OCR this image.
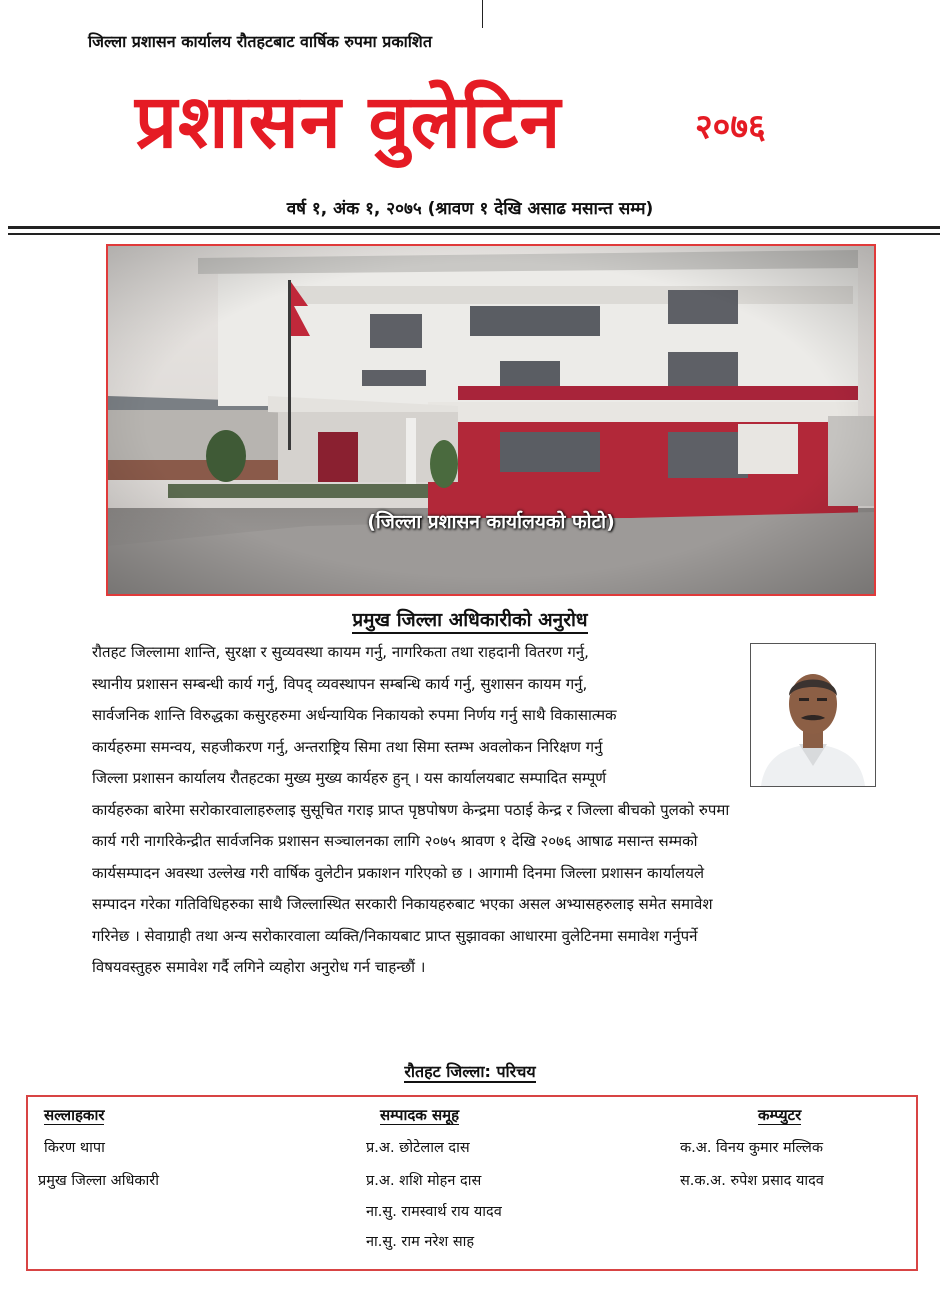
जिल्ला प्रशासन कार्यालय रौतहटबाट वार्षिक रुपमा प्रकाशित
प्रशासन वुलेटिन	२०७६
वर्ष १, अंक १, २०७५ (श्रावण १ देखि असाढ मसान्त सम्म)
(जिल्ला प्रशासन कार्यालयको फोटो)
प्रमुख जिल्ला अधिकारीको अनुरोध
रौतहट जिल्लामा शान्ति, सुरक्षा र सुव्यवस्था कायम गर्नु, नागरिकता तथा राहदानी वितरण गर्नु,
स्थानीय प्रशासन सम्बन्धी कार्य गर्नु, विपद् व्यवस्थापन सम्बन्धि कार्य गर्नु, सुशासन कायम गर्नु,
सार्वजनिक शान्ति विरुद्धका कसुरहरुमा अर्धन्यायिक निकायको रुपमा निर्णय गर्नु साथै विकासात्मक
कार्यहरुमा समन्वय, सहजीकरण गर्नु, अन्तराष्ट्रिय सिमा तथा सिमा स्तम्भ अवलोकन निरिक्षण गर्नु
जिल्ला प्रशासन कार्यालय रौतहटका मुख्य मुख्य कार्यहरु हुन् । यस कार्यालयबाट सम्पादित सम्पूर्ण
कार्यहरुका बारेमा सरोकारवालाहरुलाइ सुसूचित गराइ प्राप्त पृष्ठपोषण केन्द्रमा पठाई केन्द्र र जिल्ला बीचको पुलको रुपमा
कार्य गरी नागरिकेन्द्रीत सार्वजनिक प्रशासन सञ्चालनका लागि २०७५ श्रावण १ देखि २०७६ आषाढ मसान्त सम्मको
कार्यसम्पादन अवस्था उल्लेख गरी वार्षिक वुलेटीन प्रकाशन गरिएको छ । आगामी दिनमा जिल्ला प्रशासन कार्यालयले
सम्पादन गरेका गतिविधिहरुका साथै जिल्लास्थित सरकारी निकायहरुबाट भएका असल अभ्यासहरुलाइ समेत समावेश
गरिनेछ । सेवाग्राही तथा अन्य सरोकारवाला व्यक्ति/निकायबाट प्राप्त सुझावका आधारमा वुलेटिनमा समावेश गर्नुपर्ने
विषयवस्तुहरु समावेश गर्दै लगिने व्यहोरा अनुरोध गर्न चाहन्छौं ।
रौतहट जिल्ला: परिचय
सल्लाहकार
किरण थापा
प्रमुख जिल्ला अधिकारी
सम्पादक समूह
प्र.अ. छोटेलाल दास
प्र.अ. शशि मोहन दास
ना.सु. रामस्वार्थ राय यादव
ना.सु. राम नरेश साह
कम्प्युटर
क.अ. विनय कुमार मल्लिक
स.क.अ. रुपेश प्रसाद यादव
